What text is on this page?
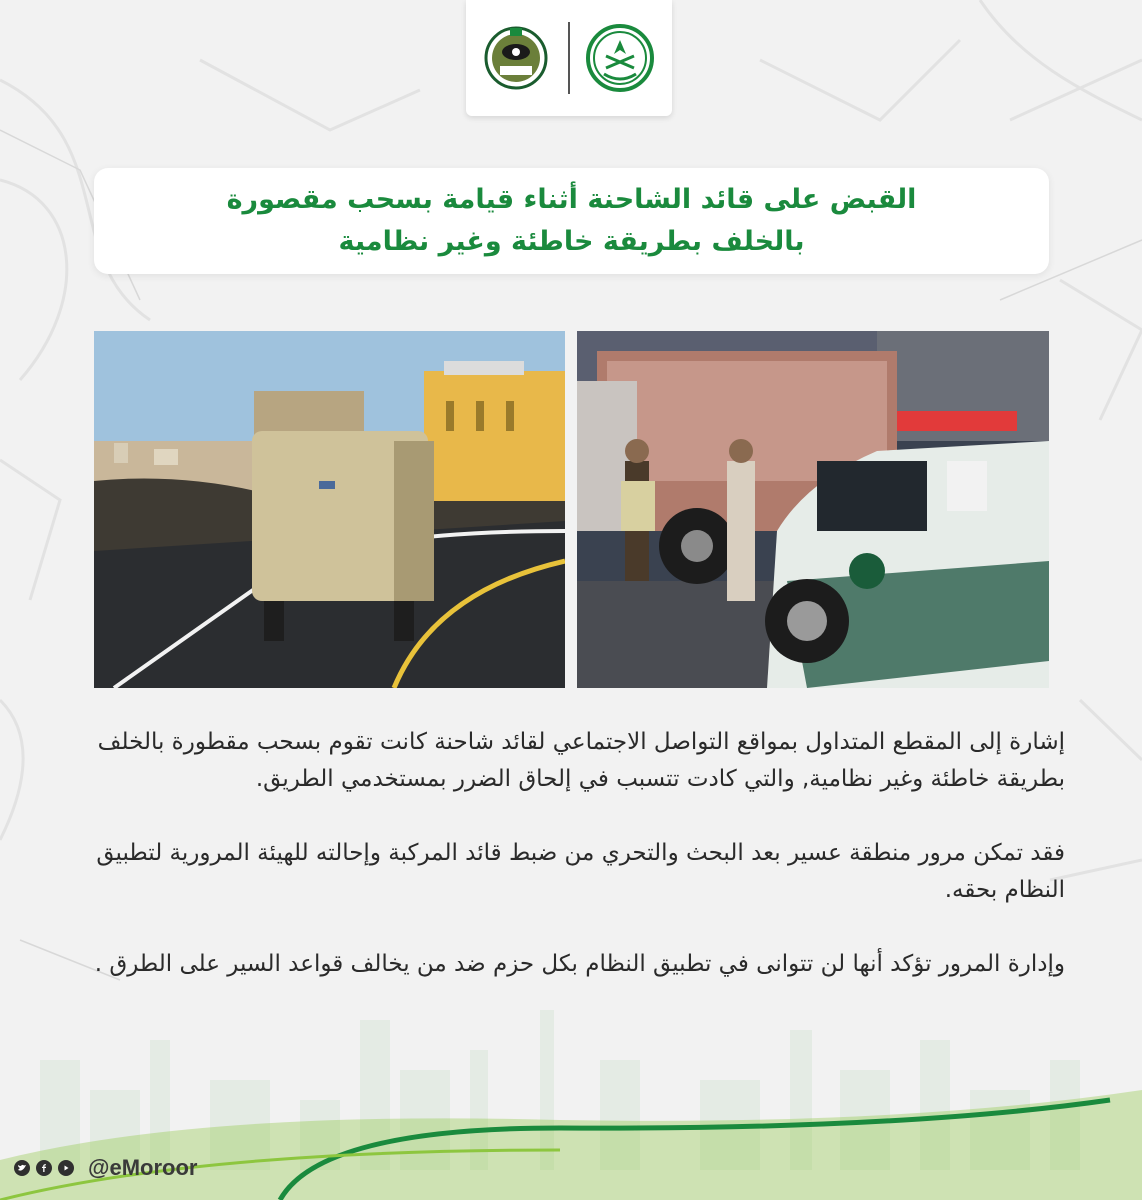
القبض على قائد الشاحنة أثناء قيامة بسحب مقصورة
بالخلف بطريقة خاطئة وغير نظامية

إشارة إلى المقطع المتداول بمواقع التواصل الاجتماعي لقائد شاحنة كانت تقوم بسحب مقطورة بالخلف بطريقة خاطئة وغير نظامية, والتي كادت تتسبب في إلحاق الضرر بمستخدمي الطريق.

فقد تمكن مرور منطقة عسير بعد البحث والتحري من ضبط قائد المركبة وإحالته للهيئة المرورية لتطبيق النظام بحقه.

وإدارة المرور تؤكد أنها لن تتوانى في تطبيق النظام بكل حزم ضد من يخالف قواعد السير على الطرق .

@eMoroor
